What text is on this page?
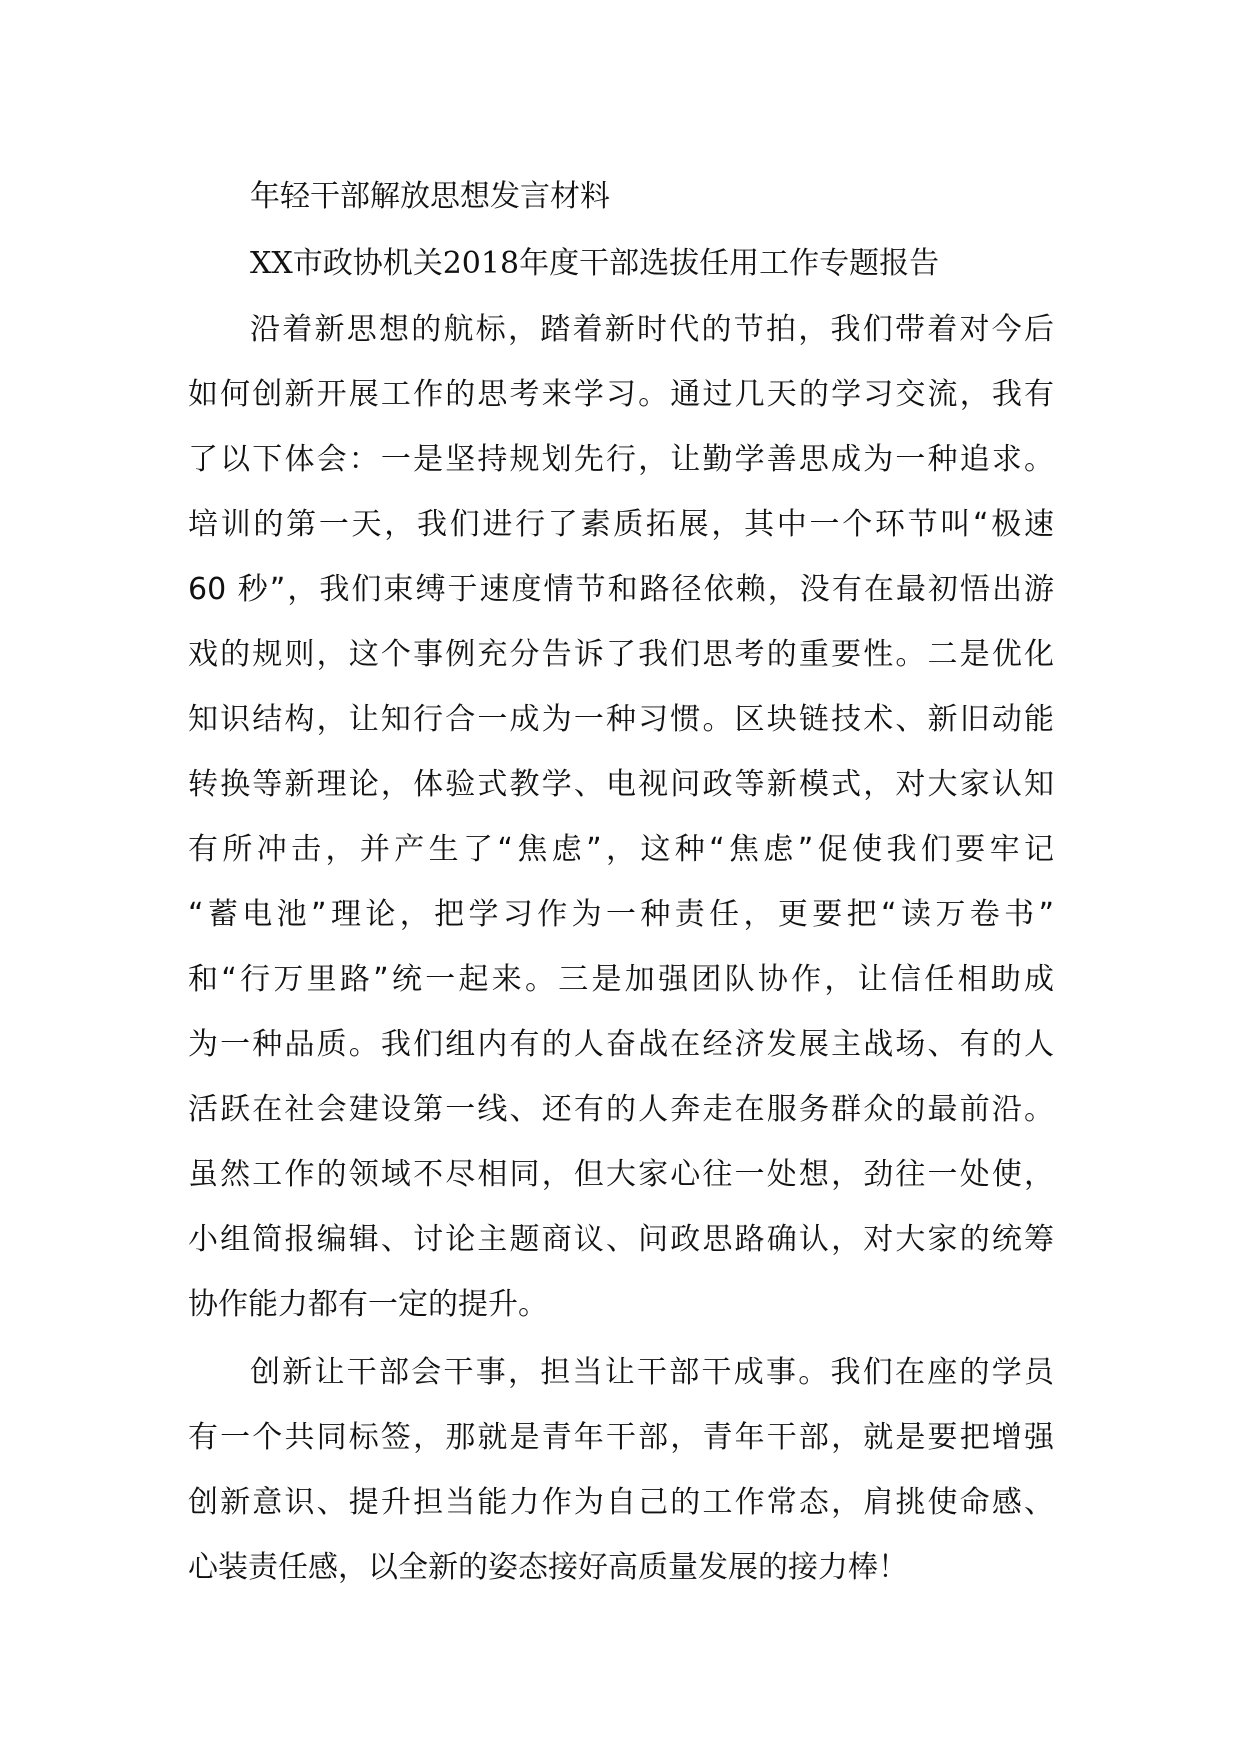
年轻干部解放思想发言材料
XX市政协机关2018年度干部选拔任用工作专题报告
沿着新思想的航标，踏着新时代的节拍，我们带着对今后
如何创新开展工作的思考来学习。通过几天的学习交流，我有
了以下体会：一是坚持规划先行，让勤学善思成为一种追求。
培训的第一天，我们进行了素质拓展，其中一个环节叫“极速
60 秒”，我们束缚于速度情节和路径依赖，没有在最初悟出游
戏的规则，这个事例充分告诉了我们思考的重要性。二是优化
知识结构，让知行合一成为一种习惯。区块链技术、新旧动能
转换等新理论，体验式教学、电视问政等新模式，对大家认知
有所冲击，并产生了“焦虑”，这种“焦虑”促使我们要牢记
“蓄电池”理论，把学习作为一种责任，更要把“读万卷书”
和“行万里路”统一起来。三是加强团队协作，让信任相助成
为一种品质。我们组内有的人奋战在经济发展主战场、有的人
活跃在社会建设第一线、还有的人奔走在服务群众的最前沿。
虽然工作的领域不尽相同，但大家心往一处想，劲往一处使，
小组简报编辑、讨论主题商议、问政思路确认，对大家的统筹
协作能力都有一定的提升。
创新让干部会干事，担当让干部干成事。我们在座的学员
有一个共同标签，那就是青年干部，青年干部，就是要把增强
创新意识、提升担当能力作为自己的工作常态，肩挑使命感、
心装责任感，以全新的姿态接好高质量发展的接力棒！
